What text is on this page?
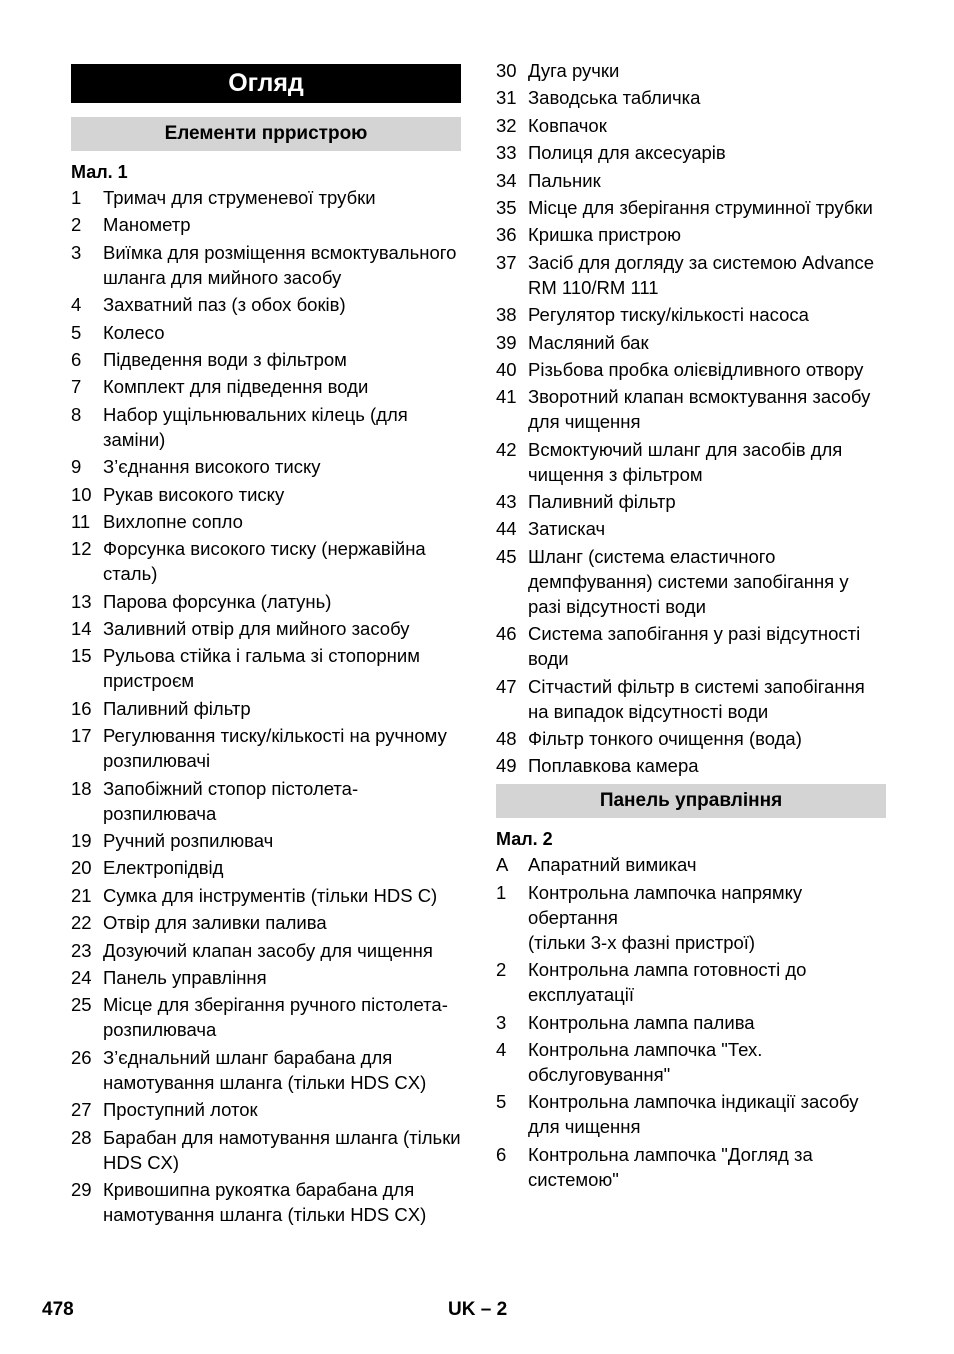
Огляд
Елементи прристрою
Мал. 1
1	Тримач для струменевої трубки
2	Манометр
3	Виїмка для розміщення всмоктувального шланга для мийного засобу
4	Захватний паз (з обох боків)
5	Колесо
6	Підведення води з фільтром
7	Комплект для підведення води
8	Набор ущільнювальних кілець (для заміни)
9	З’єднання високого тиску
10 Рукав високого тиску
11 Вихлопне сопло
12 Форсунка високого тиску (нержавійна сталь)
13 Парова форсунка (латунь)
14 Заливний отвір для мийного засобу
15 Рульова стійка і гальма зі стопорним пристроєм
16 Паливний фільтр
17 Регулювання тиску/кількості на ручному розпилювачі
18 Запобіжний стопор пістолета-розпилювача
19 Ручний розпилювач
20 Електропідвід
21 Сумка для інструментів (тільки HDS C)
22 Отвір для заливки палива
23 Дозуючий клапан засобу для чищення
24 Панель управління
25 Місце для зберігання ручного пістолета-розпилювача
26 З’єднальний шланг барабана для намотування шланга (тільки HDS CX)
27 Проступний лоток
28 Барабан для намотування шланга (тільки HDS CX)
29 Кривошипна рукоятка барабана для намотування шланга (тільки HDS CX)
30 Дуга ручки
31 Заводська табличка
32 Ковпачок
33 Полиця для аксесуарів
34 Пальник
35 Місце для зберігання струминної трубки
36 Кришка пристрою
37 Засіб для догляду за системою Advance RM 110/RM 111
38 Регулятор тиску/кількості насоса
39 Масляний бак
40 Різьбова пробка олієвідливного отвору
41 Зворотний клапан всмоктування засобу для чищення
42 Всмоктуючий шланг для засобів для чищення з фільтром
43 Паливний фільтр
44 Затискач
45 Шланг (система еластичного демпфування) системи запобігання у разі відсутності води
46 Система запобігання у разі відсутності води
47 Сітчастий фільтр в системі запобігання на випадок відсутності води
48 Фільтр тонкого очищення (вода)
49 Поплавкова камера
Панель управління
Мал. 2
A	Апаратний вимикач
1	Контрольна лампочка напрямку обертання
(тільки 3-х фазні пристрої)
2	Контрольна лампа готовності до експлуатації
3	Контрольна лампа палива
4	Контрольна лампочка "Тех. обслуговування"
5	Контрольна лампочка індикації засобу для чищення
6	Контрольна лампочка "Догляд за системою"
478	UK – 2
